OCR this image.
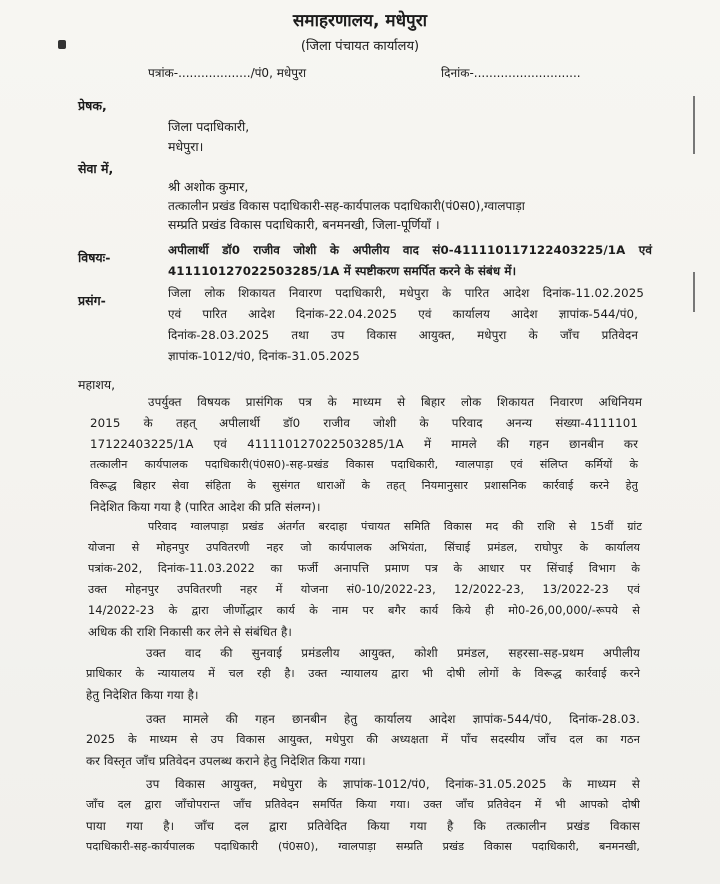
समाहरणालय, मधेपुरा
(जिला पंचायत कार्यालय)
पत्रांक-.................../पं0, मधेपुरा	दिनांक-............................
प्रेषक,
जिला पदाधिकारी,
मधेपुरा।
सेवा में,
श्री अशोक कुमार,
तत्कालीन प्रखंड विकास पदाधिकारी-सह-कार्यपालक पदाधिकारी(पं0स0),ग्वालपाड़ा
सम्प्रति प्रखंड विकास पदाधिकारी, बनमनखी, जिला-पूर्णियाँ ।
विषयः-	अपीलार्थी डॉ0 राजीव जोशी के अपीलीय वाद सं0-411110117122403225/1A एवं
411110127022503285/1A में स्पष्टीकरण समर्पित करने के संबंध में।
प्रसंग-	जिला लोक शिकायत निवारण पदाधिकारी, मधेपुरा के पारित आदेश दिनांक-11.02.2025
एवं पारित आदेश दिनांक-22.04.2025 एवं कार्यालय आदेश ज्ञापांक-544/पं0,
दिनांक-28.03.2025 तथा उप विकास आयुक्त, मधेपुरा के जाँच प्रतिवेदन
ज्ञापांक-1012/पं0, दिनांक-31.05.2025
महाशय,
उपर्युक्त विषयक प्रासंगिक पत्र के माध्यम से बिहार लोक शिकायत निवारण अधिनियम
2015 के तहत् अपीलार्थी डॉ0 राजीव जोशी के परिवाद अनन्य संख्या-4111101
17122403225/1A एवं 411110127022503285/1A में मामले की गहन छानबीन कर
तत्कालीन कार्यपालक पदाधिकारी(पं0स0)-सह-प्रखंड विकास पदाधिकारी, ग्वालपाड़ा एवं संलिप्त कर्मियों के
विरूद्ध बिहार सेवा संहिता के सुसंगत धाराओं के तहत् नियमानुसार प्रशासनिक कार्रवाई करने हेतु
निदेशित किया गया है (पारित आदेश की प्रति संलग्न)।
परिवाद ग्वालपाड़ा प्रखंड अंतर्गत बरदाहा पंचायत समिति विकास मद की राशि से 15वीं ग्रांट
योजना से मोहनपुर उपवितरणी नहर जो कार्यपालक अभियंता, सिंचाई प्रमंडल, राघोपुर के कार्यालय
पत्रांक-202, दिनांक-11.03.2022 का फर्जी अनापत्ति प्रमाण पत्र के आधार पर सिंचाई विभाग के
उक्त मोहनपुर उपवितरणी नहर में योजना सं0-10/2022-23, 12/2022-23, 13/2022-23 एवं
14/2022-23 के द्वारा जीर्णोद्धार कार्य के नाम पर बगैर कार्य किये ही मो0-26,00,000/-रूपये से
अधिक की राशि निकासी कर लेने से संबंधित है।
उक्त वाद की सुनवाई प्रमंडलीय आयुक्त, कोशी प्रमंडल, सहरसा-सह-प्रथम अपीलीय
प्राधिकार के न्यायालय में चल रही है। उक्त न्यायालय द्वारा भी दोषी लोगों के विरूद्ध कार्रवाई करने
हेतु निदेशित किया गया है।
उक्त मामले की गहन छानबीन हेतु कार्यालय आदेश ज्ञापांक-544/पं0, दिनांक-28.03.
2025 के माध्यम से उप विकास आयुक्त, मधेपुरा की अध्यक्षता में पाँच सदस्यीय जाँच दल का गठन
कर विस्तृत जाँच प्रतिवेदन उपलब्ध कराने हेतु निदेशित किया गया।
उप विकास आयुक्त, मधेपुरा के ज्ञापांक-1012/पं0, दिनांक-31.05.2025 के माध्यम से
जाँच दल द्वारा जाँचोपरान्त जाँच प्रतिवेदन समर्पित किया गया। उक्त जाँच प्रतिवेदन में भी आपको दोषी
पाया गया है। जाँच दल द्वारा प्रतिवेदित किया गया है कि तत्कालीन प्रखंड विकास
पदाधिकारी-सह-कार्यपालक पदाधिकारी (पं0स0), ग्वालपाड़ा सम्प्रति प्रखंड विकास पदाधिकारी, बनमनखी,
